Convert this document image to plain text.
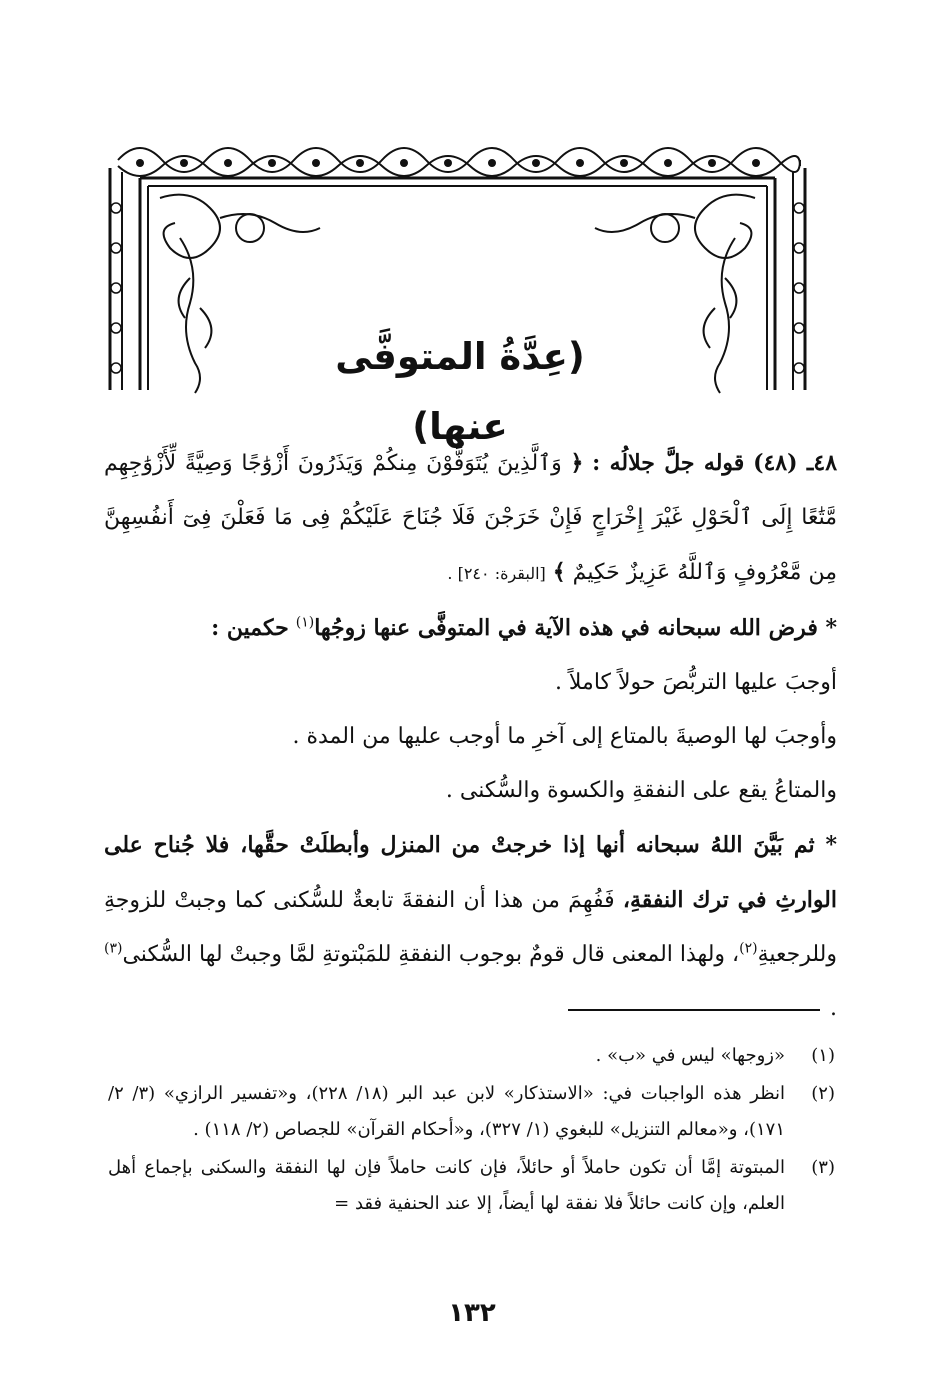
(عِدَّةُ المتوفَّى عنها)

٤٨ـ (٤٨) قوله جلَّ جلالُه : ﴿ وَٱلَّذِينَ يُتَوَفَّوْنَ مِنكُمْ وَيَذَرُونَ أَزْوَٰجًا وَصِيَّةً لِّأَزْوَٰجِهِم مَّتَٰعًا إِلَى ٱلْحَوْلِ غَيْرَ إِخْرَاجٍ فَإِنْ خَرَجْنَ فَلَا جُنَاحَ عَلَيْكُمْ فِى مَا فَعَلْنَ فِىٓ أَنفُسِهِنَّ مِن مَّعْرُوفٍ وَٱللَّهُ عَزِيزٌ حَكِيمٌ ﴾ [البقرة: ٢٤٠] .

* فرض الله سبحانه في هذه الآية في المتوفَّى عنها زوجُها$^{(١)}$ حكمين :

أوجبَ عليها التربُّصَ حولاً كاملاً .

وأوجبَ لها الوصيةَ بالمتاع إلى آخرِ ما أوجب عليها من المدة .

والمتاعُ يقع على النفقةِ والكسوة والسُّكنى .

* ثم بَيَّنَ اللهُ سبحانه أنها إذا خرجتْ من المنزل وأبطلَتْ حقَّها، فلا جُناح على الوارثِ في ترك النفقةِ، فَفُهِمَ من هذا أن النفقةَ تابعةٌ للسُّكنى كما وجبتْ للزوجةِ وللرجعيةِ$^{(٢)}$، ولهذا المعنى قال قومٌ بوجوب النفقةِ للمَبْتوتةِ لمَّا وجبتْ لها السُّكنى$^{(٣)}$ .

(١)
«زوجها» ليس في «ب» .
(٢)
انظر هذه الواجبات في: «الاستذكار» لابن عبد البر (١٨/ ٢٢٨)، و«تفسير الرازي» (٣/ ٢/ ١٧١)، و«معالم التنزيل» للبغوي (١/ ٣٢٧)، و«أحكام القرآن» للجصاص (٢/ ١١٨) .
(٣)
المبتوتة إمَّا أن تكون حاملاً أو حائلاً، فإن كانت حاملاً فإن لها النفقة والسكنى بإجماع أهل العلم، وإن كانت حائلاً فلا نفقة لها أيضاً، إلا عند الحنفية فقد =
١٣٢
